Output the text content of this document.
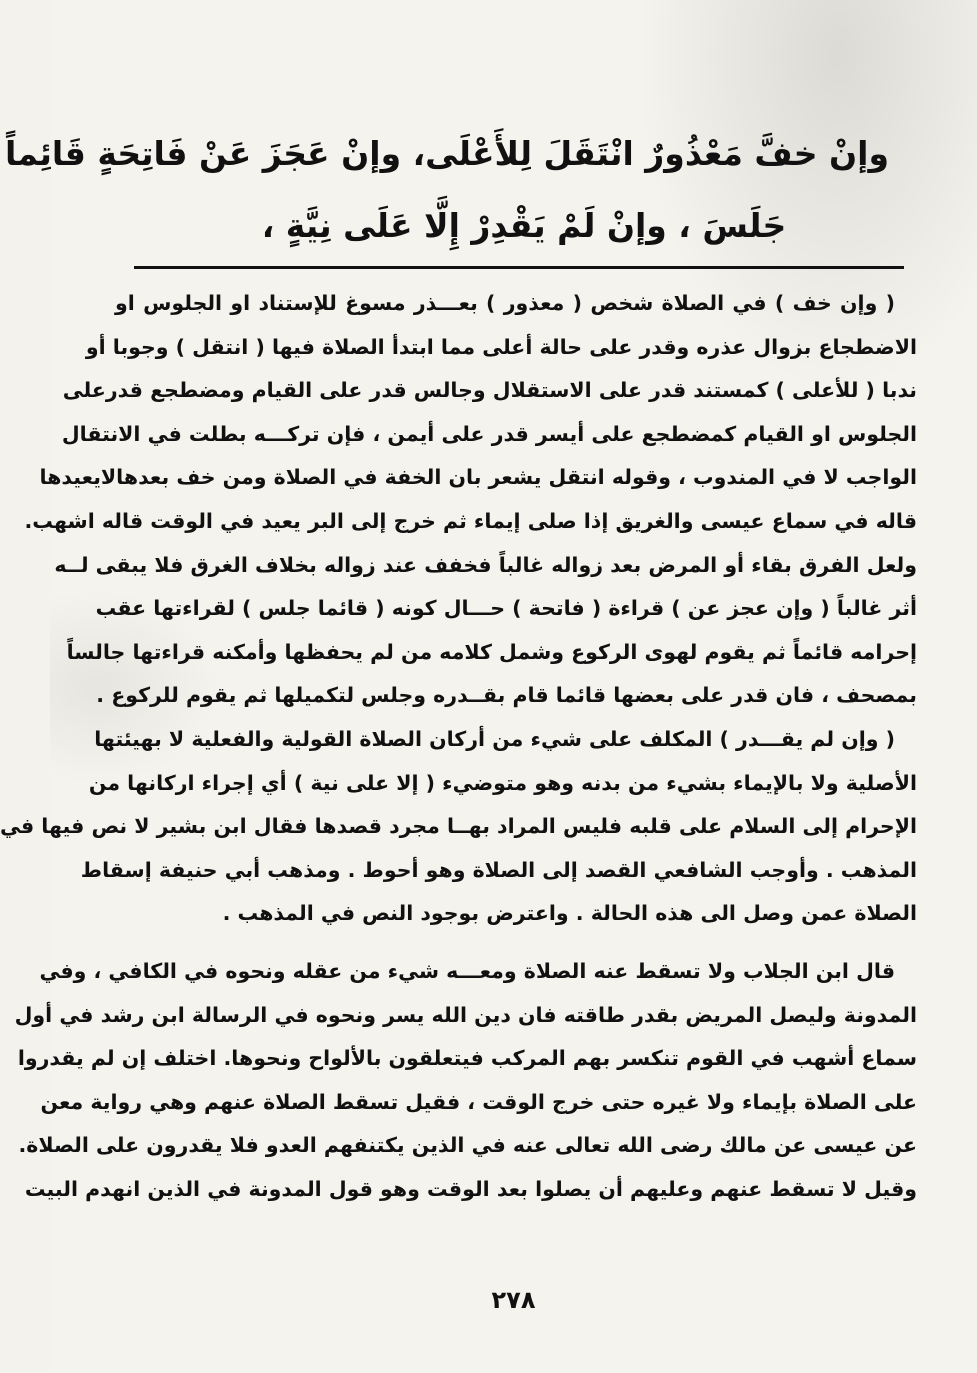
وإنْ خفَّ مَعْذُورٌ انْتَقَلَ لِلأَعْلَى، وإنْ عَجَزَ عَنْ فَاتِحَةٍ قَائِماً
جَلَسَ ، وإنْ لَمْ يَقْدِرْ إِلَّا عَلَى نِيَّةٍ ،
( وإن خف ) في الصلاة شخص ( معذور ) بعـــذر مسوغ للإستناد او الجلوس او
الاضطجاع بزوال عذره وقدر على حالة أعلى مما ابتدأ الصلاة فيها ( انتقل ) وجوبا أو
ندبا ( للأعلى ) كمستند قدر على الاستقلال وجالس قدر على القيام ومضطجع قدرعلى
الجلوس او القيام كمضطجع على أيسر قدر على أيمن ، فإن ترکـــه بطلت في الانتقال
الواجب لا في المندوب ، وقوله انتقل يشعر بان الخفة في الصلاة ومن خف بعدهالايعيدها
قاله في سماع عيسى والغريق إذا صلى إيماء ثم خرج إلى البر يعيد في الوقت قاله اشهب.
ولعل الفرق بقاء أو المرض بعد زواله غالباً فخفف عند زواله بخلاف الغرق فلا يبقى لــه
أثر غالباً ( وإن عجز عن ) قراءة ( فاتحة ) حـــال كونه ( قائما جلس ) لقراءتها عقب
إحرامه قائماً ثم يقوم لهوى الركوع وشمل كلامه من لم يحفظها وأمكنه قراءتها جالساً
بمصحف ، فان قدر على بعضها قائما قام بقــدره وجلس لتكميلها ثم يقوم للركوع .
( وإن لم يقـــدر ) المكلف على شيء من أركان الصلاة القولية والفعلية لا بهيئتها
الأصلية ولا بالإيماء بشيء من بدنه وهو متوضيء ( إلا على نية ) أي إجراء اركانها من
الإحرام إلى السلام على قلبه فليس المراد بهــا مجرد قصدها فقال ابن بشير لا نص فيها في
المذهب . وأوجب الشافعي القصد إلى الصلاة وهو أحوط . ومذهب أبي حنيفة إسقاط
الصلاة عمن وصل الى هذه الحالة . واعترض بوجود النص في المذهب .
قال ابن الجلاب ولا تسقط عنه الصلاة ومعـــه شيء من عقله ونحوه في الكافي ، وفي
المدونة وليصل المريض بقدر طاقته فان دين الله يسر ونحوه في الرسالة ابن رشد في أول
سماع أشهب في القوم تنكسر بهم المركب فيتعلقون بالألواح ونحوها. اختلف إن لم يقدروا
على الصلاة بإيماء ولا غيره حتى خرج الوقت ، فقيل تسقط الصلاة عنهم وهي رواية معن
عن عيسى عن مالك رضى الله تعالى عنه في الذين يكتنفهم العدو فلا يقدرون على الصلاة.
وقيل لا تسقط عنهم وعليهم أن يصلوا بعد الوقت وهو قول المدونة في الذين انهدم البيت
٢٧٨
